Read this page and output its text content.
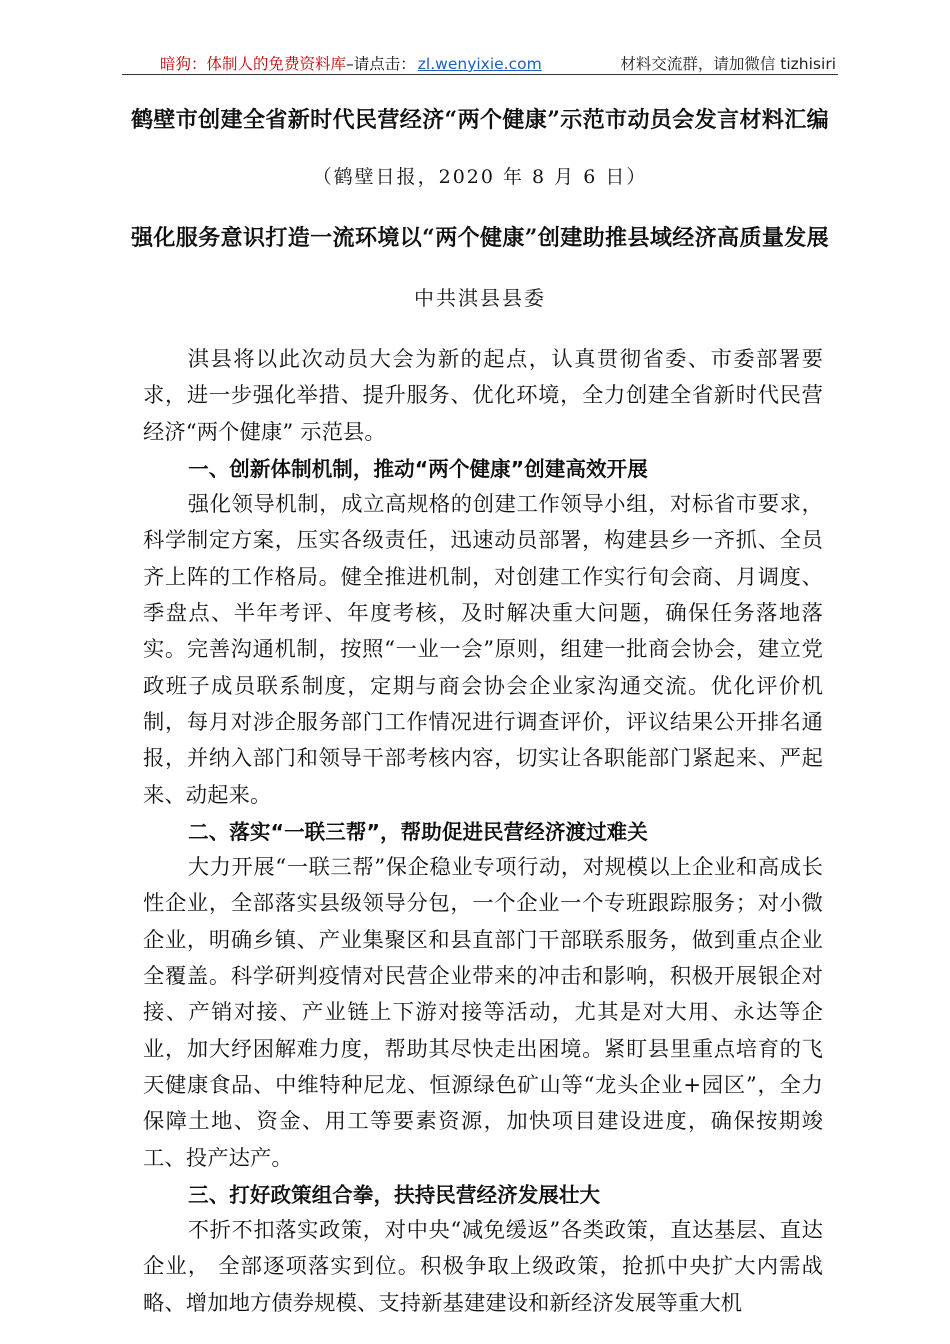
暗狗：体制人的免费资料库–请点击： zl.wenyixie.com	材料交流群，请加微信 tizhisiri
鹤壁市创建全省新时代民营经济“两个健康”示范市动员会发言材料汇编
（鹤壁日报，2020 年 8 月 6 日）
强化服务意识打造一流环境以“两个健康”创建助推县域经济高质量发展
中共淇县县委

淇县将以此次动员大会为新的起点，认真贯彻省委、市委部署要求，进一步强化举措、提升服务、优化环境，全力创建全省新时代民营经济“两个健康” 示范县。

一、创新体制机制，推动“两个健康”创建高效开展

强化领导机制，成立高规格的创建工作领导小组，对标省市要求，科学制定方案，压实各级责任，迅速动员部署，构建县乡一齐抓、全员齐上阵的工作格局。健全推进机制，对创建工作实行旬会商、月调度、季盘点、半年考评、年度考核，及时解决重大问题，确保任务落地落实。完善沟通机制，按照“一业一会”原则，组建一批商会协会，建立党政班子成员联系制度，定期与商会协会企业家沟通交流。优化评价机制，每月对涉企服务部门工作情况进行调查评价，评议结果公开排名通报，并纳入部门和领导干部考核内容，切实让各职能部门紧起来、严起来、动起来。

二、落实“一联三帮”，帮助促进民营经济渡过难关

大力开展“一联三帮”保企稳业专项行动，对规模以上企业和高成长性企业，全部落实县级领导分包，一个企业一个专班跟踪服务；对小微企业，明确乡镇、产业集聚区和县直部门干部联系服务，做到重点企业全覆盖。科学研判疫情对民营企业带来的冲击和影响，积极开展银企对接、产销对接、产业链上下游对接等活动，尤其是对大用、永达等企业，加大纾困解难力度，帮助其尽快走出困境。紧盯县里重点培育的飞天健康食品、中维特种尼龙、恒源绿色矿山等“龙头企业+园区”，全力保障土地、资金、用工等要素资源，加快项目建设进度，确保按期竣工、投产达产。

三、打好政策组合拳，扶持民营经济发展壮大

不折不扣落实政策，对中央“减免缓返”各类政策，直达基层、直达企业， 全部逐项落实到位。积极争取上级政策，抢抓中央扩大内需战略、增加地方债券规模、支持新基建建设和新经济发展等重大机
